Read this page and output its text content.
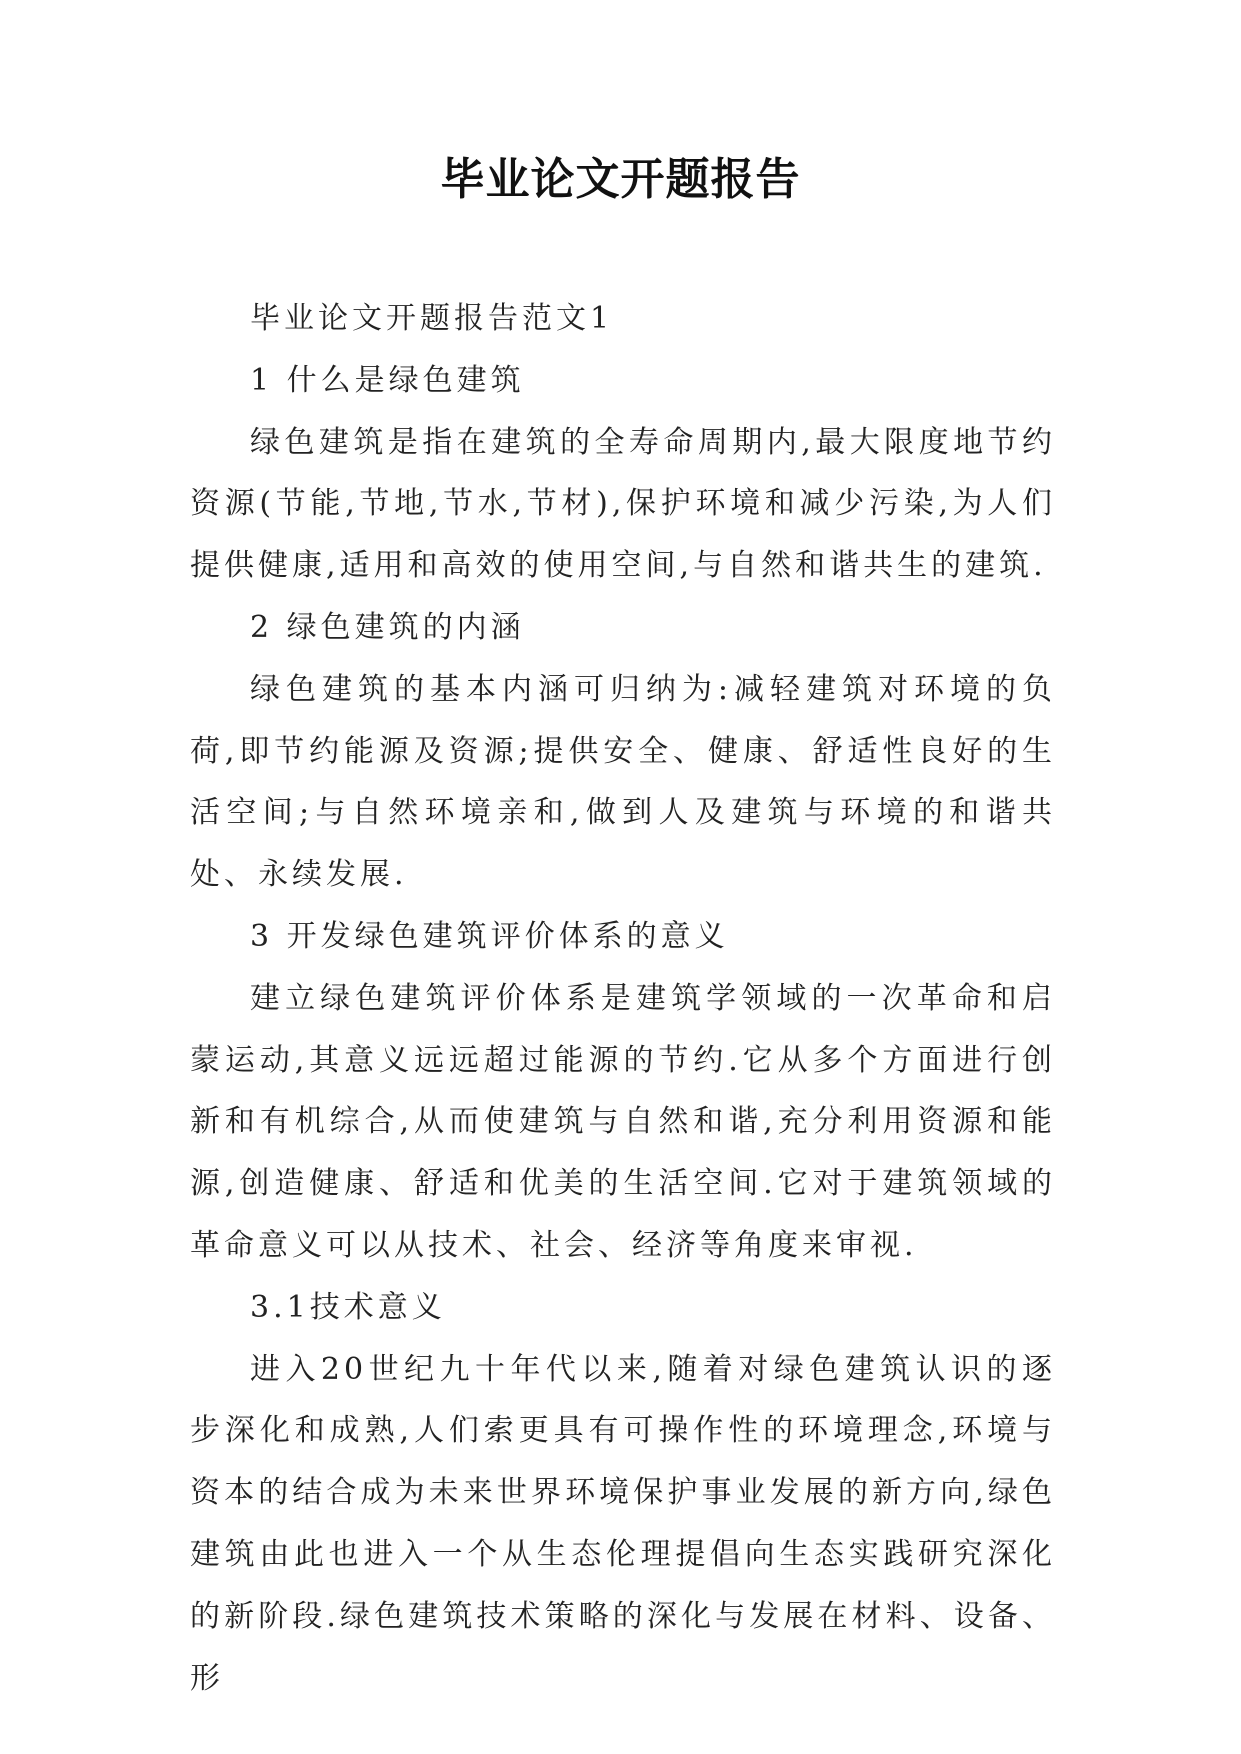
毕业论文开题报告

毕业论文开题报告范文1

1 什么是绿色建筑

绿色建筑是指在建筑的全寿命周期内,最大限度地节约资源(节能,节地,节水,节材),保护环境和减少污染,为人们提供健康,适用和高效的使用空间,与自然和谐共生的建筑.

2 绿色建筑的内涵

绿色建筑的基本内涵可归纳为:减轻建筑对环境的负荷,即节约能源及资源;提供安全、健康、舒适性良好的生活空间;与自然环境亲和,做到人及建筑与环境的和谐共处、永续发展.

3 开发绿色建筑评价体系的意义

建立绿色建筑评价体系是建筑学领域的一次革命和启蒙运动,其意义远远超过能源的节约.它从多个方面进行创新和有机综合,从而使建筑与自然和谐,充分利用资源和能源,创造健康、舒适和优美的生活空间.它对于建筑领域的革命意义可以从技术、社会、经济等角度来审视.

3.1技术意义

进入20世纪九十年代以来,随着对绿色建筑认识的逐步深化和成熟,人们索更具有可操作性的环境理念,环境与资本的结合成为未来世界环境保护事业发展的新方向,绿色建筑由此也进入一个从生态伦理提倡向生态实践研究深化的新阶段.绿色建筑技术策略的深化与发展在材料、设备、形
